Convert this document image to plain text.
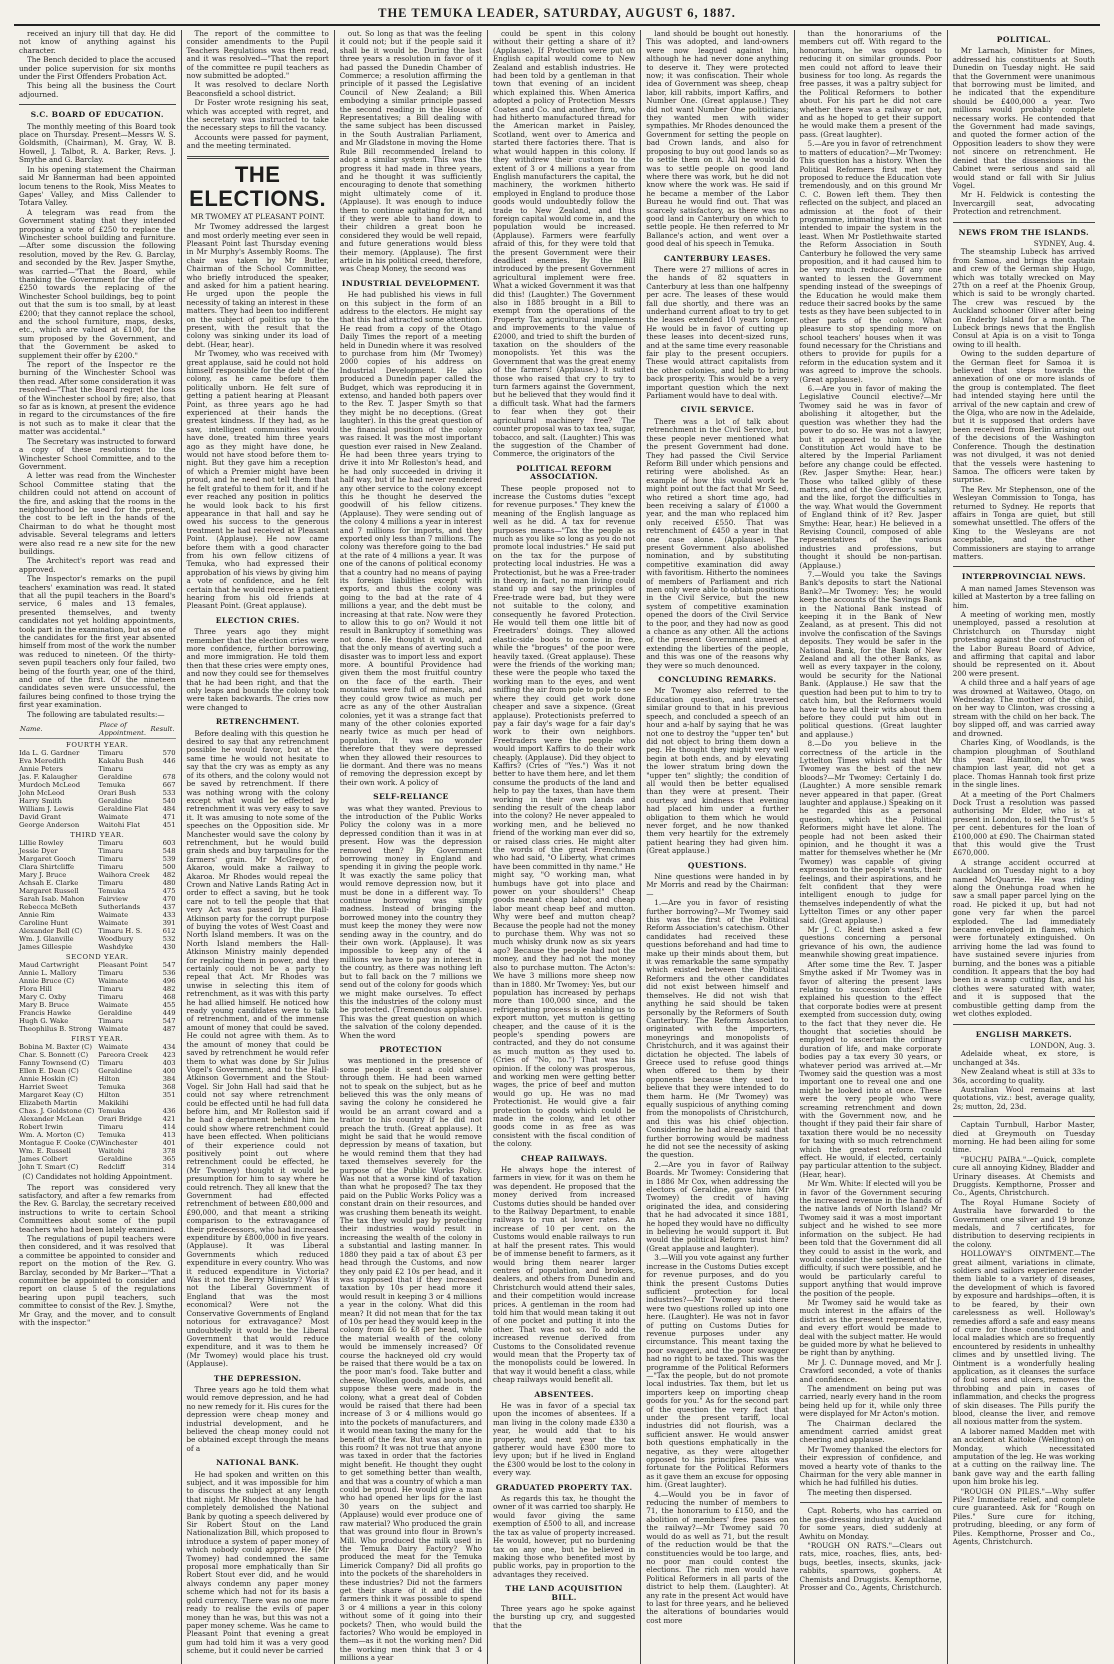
THE TEMUKA LEADER, SATURDAY, AUGUST 6, 1887.

received an injury till that day. He did not know of anything against his character.

The Bench decided to place the accused under police supervision for six months under the First Offenders Probation Act.

This being all the business the Court adjourned.

S.C. BOARD OF EDUCATION.

The monthly meeting of this Board took place on Thursday. Present—Messrs W. S. Goldsmith, (Chairman), M. Gray, W. B. Howell, J. Talbot, R. A. Barker, Revs. J. Smythe and G. Barclay.

In his opening statement the Chairman said Mr Bannerman had been appointed locum tenens to the Rook, Miss Meates to Gapes' Valley, and Miss Callender to Totara Valley.

A telegram was read from the Government stating that they intended proposing a vote of £250 to replace the Winchester school building and furniture.—After some discussion the following resolution, moved by the Rev. G. Barclay, and seconded by the Rev. Jasper Smythe, was carried—"That the Board, while thanking the Government for the offer of £250 towards the replacing of the Winchester School buildings, beg to point out that the sum is too small, by at least £200; that they cannot replace the school, and the school furniture, maps, desks, etc., which are valued at £100, for the sum proposed by the Government, and that the Government be asked to supplement their offer by £200."

The report of the Inspector re the burning of the Winchester School was then read. After some consideration it was resolved—"That the Board regret the loss of the Winchester school by fire; also, that so far as is known, at present the evidence in regard to the circumstances of the fire is not such as to make it clear that the matter was accidental."

The Secretary was instructed to forward a copy of these resolutions to the Winchester School Committee, and to the Government.

A letter was read from the Winchester School Committee stating that the children could not attend on account of the fire, and asking that the rooms in the neighbourhood be used for the present, the cost to be left in the hands of the Chairman to do what he thought most advisable. Several telegrams and letters were also read re a new site for the new buildings.

The Architect's report was read and approved.

The Inspector's remarks on the pupil teachers' examination was read. It stated that all the pupil teachers in the Board's service, 6 males and 13 females, presented themselves, and twenty candidates not yet holding appointments, took part in the examination, but as one of the candidates for the first year absented himself from most of the work the number was reduced to nineteen. Of the thirty-seven pupil teachers only four failed, two being of the fourth year, one of the third, and one of the first. Of the nineteen candidates seven were unsuccessful, the failures being confined to those trying the first year examination.

The following are tabulated results:—

Name.	Place of Appointment.	Result.
FOURTH YEAR.		
Ida L. G. Gardner	Timaru	570
Eva Meredith	Kakahu Bush	446
Annie Peters	Timaru	
Jas. F. Kalaugher	Geraldine	678
Murdoch McLeod	Temuka	667
John McLeod	Orari Bush	533
Harry Smith	Geraldine	540
William J. Lewis	Geraldine Flat	484
David Grant	Waimate	471
George Anderson	Waitohi Flat	451
THIRD YEAR.		
Lillie Rowley	Timaru	603
Jessie Dyer	Timaru	548
Margaret Gooch	Timaru	539
Clara Shirtcliffe	Timaru	500
Mary J. Bruce	Waihora Creek	482
Achsah E. Clarke	Timaru	480
Margaret Russell	Temuka	475
Sarah Isab. Mahon	Fairview	470
Rebecca McBeth	Sutherlands	437
Annie Rim	Waimate	433
Caroline Hunt	Waimate	391
Alexander Bell (C)	Timaru H. S.	612
Wm. J. Glanville	Woodbury	532
James Gillespie	Washdyke	430
SECOND YEAR.		
Maud Cartwright	Pleasant Point	547
Annie L. Mallory	Timaru	536
Annie Bruce (C)	Waimate	496
Flora Hill	Timaru	482
Mary C. Oxby	Timaru	468
Mary B. Bruce	Waimate	455
Francis Hawke	Geraldine	449
Hugh G. Wake	Timaru	547
Theophilus B. Strong	Waimate	487
FIRST YEAR.		
Bobina M. Baxter (C)	Waimate	434
Char. S. Bonnett (C)	Pareora Creek	423
Fanny Townsend (C)	Timaru	403
Ellen E. Dean (C)	Geraldine	400
Annie Hoskin (C)	Hilton	384
Harriet Sweet	Temuka	368
Margaret Keay (C)	Hilton	351
Elizabeth Martin	Makikihi	
Chas. J. Goldstone (C)	Temuka	436
Alexander McLean	Orari Bridge	421
Robert Irwin	Timaru	414
Wm. A. Morton (C)	Temuka	413
Montague F. Cooke (C)	Winchester	401
Wm. E. Russell	Waitohi	378
James Colbert	Geraldine	365
John T. Smart (C)	Redcliff	314
(C) Candidates not holding Appointment.

The report was considered very satisfactory, and after a few remarks from the Rev. G. Barclay, the secretary received instructions to write to certain School Committees about some of the pupil teachers who had been lately examined.

The regulations of pupil teachers were then considered, and it was resolved that a committee be appointed to consider and report on the motion of the Rev. G. Barclay, seconded by Mr Barker—"That a committee be appointed to consider and report on clause 5 of the regulations bearing upon pupil teachers, such committee to consist of the Rev. J. Smythe, Mr Gray, and the mover, and to consult with the inspector."

The report of the committee to consider amendments to the Pupil Teachers Regulations was then read, and it was resolved—"That the report of the committee re pupil teachers as now submitted be adopted."

It was resolved to declare North Beaconsfield a school district.

Dr Foster wrote resigning his seat, which was accepted with regret, and the secretary was instructed to take the necessary steps to fill the vacancy.

Accounts were passed for payment, and the meeting terminated.

THE ELECTIONS.
MR TWOMEY AT PLEASANT POINT.

Mr Twomey addressed the largest and most orderly meeting ever seen in Pleasant Point last Thursday evening in Mr Murphy's Assembly Rooms. The chair was taken by Mr Butler, Chairman of the School Committee, who briefly introduced the speaker, and asked for him a patient hearing. He urged upon the people the necessity of taking an interest in these matters. They had been too indifferent on the subject of politics up to the present, with the result that the colony was sinking under its load of debt. (Hear, hear).

Mr Twomey, who was received with great applause, said he could not hold himself responsible for the debt of the colony, as he came before them politically unborn. He felt sure of getting a patient hearing at Pleasant Point, as three years ago he had experienced at their hands the greatest kindness. If they had, as he saw, intelligent communities would have done, treated him three years ago as they might have done, he would not have stood before them to-night. But they gave him a reception of which a Premier might have been proud, and he need not tell them that he felt grateful to them for it, and if he ever reached any position in politics he would look back to his first appearance in that hall and say he owed his success to the generous treatment he had received at Pleasant Point. (Applause). He now came before them with a good character from his own fellow citizens of Temuka, who had expressed their approbation of his views by giving him a vote of confidence, and he felt certain that he would receive a patient hearing from his old friends at Pleasant Point. (Great applause).

ELECTION CRIES.

Three years ago they might remember that the election cries were more confidence, further borrowing, and more immigration. He told them then that these cries were empty ones, and now they could see for themselves that he had been right, and that the only leaps and bounds the colony took were taken backwards. The cries now were changed to

RETRENCHMENT.

Before dealing with this question he desired to say that any retrenchment possible he would favor, but at the same time he would not hesitate to say that the cry was as empty as any of its others, and the colony would not be saved by retrenchment. If there was nothing wrong with the colony except what would be effected by retrenchment it was very easy to save it. It was amusing to note some of the speeches on the Opposition side. Mr Manchester would save the colony by retrenchment, but he would build grain sheds and buy tarpaulins for the farmers' grain. Mr McGregor, of Akaroa, would make a railway to Akaroa. Mr Rhodes would repeal the Crown and Native Lands Rating Act in order to effect a saving, but he took care not to tell the people that that very Act was passed by the Hall-Atkinson party for the corrupt purpose of buying the votes of West Coast and North Island members. It was on the North Island members the Hall-Atkinson Ministry mainly depended for replacing them in power, and they certainly could not be a party to repeal that Act. Mr Rhodes was unwise in selecting this item of retrenchment, as it was with this party he had allied himself. He noticed how ready young candidates were to talk of retrenchment, and of the immense amount of money that could be saved. He could not agree with them. As to the amount of money that could be saved by retrenchment he would refer them to what was done by Sir Julius Vogel's Government, and to the Hall-Atkinson Government and the Stout-Vogel. Sir John Hall had said that he could not say where retrenchment could be effected until he had full data before him, and Mr Rolleston said if he had a department behind him he could show where retrenchment could have been effected. When politicians of their experience could not positively point out where retrenchment could be effected, he (Mr Twomey) thought it would be presumption for him to say where he could retrench. They all knew that the Government had effected retrenchment of between £80,000 and £90,000, and that meant a striking comparison to the extravagance of their predecessors, who had increased expenditure by £800,000 in five years. (Applause). It was Liberal Governments which reduced expenditure in every country. Who was it reduced expenditure in Victoria? Was it not the Berry Ministry? Was it not the Liberal Government of England that was the most economical? Were not the Conservative Governments of England notorious for extravagance? Most undoubtedly it would be the Liberal Government that would reduce expenditure, and it was to them he (Mr Twomey) would place his trust. (Applause).

THE DEPRESSION.

Three years ago he told them what would remove depression, and he had no new remedy for it. His cures for the depression were cheap money and industrial development, and he believed the cheap money could not be obtained except through the means of a

NATIONAL BANK.

He had spoken and written on this subject, and it was impossible for him to discuss the subject at any length that night. Mr Rhodes thought he had completely demolished the National Bank by quoting a speech delivered by Sir Robert Stout on the Land Nationalization Bill, which proposed to introduce a system of paper money of which nobody could approve. He (Mr Twomey) had condemned the same proposal more emphatically than Sir Robert Stout ever did, and he would always condemn any paper money scheme which had not for its basis a gold currency. There was no one more ready to realise the evils of paper money than he was, but this was not a paper money scheme. Was he came to Pleasant Point that evening a great gum had told him it was a very good scheme, but it could never be carried

out. So long as that was the feeling it could not; but if the people said it shall be it would be. During the last three years a resolution in favor of it had passed the Dunedin Chamber of Commerce; a resolution affirming the principle of it passed the Legislative Council of New Zealand; a Bill embodying a similar principle passed the second reading in the House of Representatives; a Bill dealing with the same subject has been discussed in the South Australian Parliament, and Mr Gladstone in moving the Home Rule Bill recommended Ireland to adopt a similar system. This was the progress it had made in three years, and he thought it was sufficiently encouraging to denote that something might ultimately come of it. (Applause). It was enough to induce them to continue agitating for it, and if they were able to hand down to their children a great boon he considered they would be well repaid, and future generations would bless their memory. (Applause). The first article in his political creed, therefore, was Cheap Money, the second was

INDUSTRIAL DEVELOPMENT.

He had published his views in full on this subject in the form of an address to the electors. He might say that this had attracted some attention. He read from a copy of the Otago Daily Times the report of a meeting held in Dunedin where it was resolved to purchase from him (Mr Twomey) 2000 copies of his address on Industrial Development. He also produced a Dunedin paper called the Budget, which was reproducing it in extenso, and handed both papers over to the Rev. T. Jasper Smyth so that they might be no deceptions. (Great laughter). In this the great question of the financial position of the colony was raised. It was the most important question ever raised in New Zealand. He had been three years trying to drive it into Mr Rolleston's head, and he had only succeeded in driving it half way, but if he had never rendered any other service to the colony except this he thought he deserved the goodwill of his fellow citizens. (Applause). They were sending out of the colony 4 millions a year in interest and 7 millions for imports, and they exported only less than 7 millions. The colony was therefore going to the bad at the rate of 4 millions a year. It was one of the canons of political economy that a country had no means of paying its foreign liabilities except with exports, and thus the colony was going to the bad at the rate of 4 millions a year, and the debt must be increasing at that rate. Now were they to allow this to go on? Would it not result in Bankruptcy if something was not done. He thought it would, and that the only means of averting such a disaster was to import less and export more. A bountiful Providence had given them the most fruitful country on the face of the earth. Their mountains were full of minerals, and they could grow twice as much per acre as any of the other Australian colonies, yet it was a strange fact that many of the other colonies exported nearly twice as much per head of population. It was no wonder therefore that they were depressed when they allowed their resources to lie dormant. And there was no means of removing the depression except by their own work. A policy of

SELF-RELIANCE

was what they wanted. Previous to the introduction of the Public Works Policy the colony was in a more depressed condition than it was in at present. How was the depression removed then? By Government borrowing money in England and spending it in giving the people work. It was exactly the same policy that would remove depression now, but it must be done in a different way. To continue borrowing was simply madness. Instead of bringing the borrowed money into the country they must keep the money they were now sending away in the country, and do their own work. (Applause). It was impossible to keep any of the 4 millions we have to pay in interest in the country, as there was nothing left but to fall back on the 7 millions we send out of the colony for goods which we might make ourselves. To effect this the industries of the colony must be protected. (Tremendous applause). This was the great question on which the salvation of the colony depended. When the word

PROTECTION

was mentioned in the presence of some people it sent a cold shiver through them. He had been warned not to speak on the subject, but as he believed this was the only means of saving the colony he considered he would be an arrant coward and a traitor to his country if he did not preach the truth. (Great applause). It might be said that he would remove depression by means of taxation, but he would remind them that they had taxed themselves severely for the purpose of the Public Works Policy. Was not that a worse kind of taxation than what he proposed? The tax they paid on the Public Works Policy was a constant drain on their resources, and was crushing them beneath its weight. The tax they would pay by protecting their industries would result in increasing the wealth of the colony in a substantial and lasting manner. In 1880 they paid a tax of about £3 per head through the Customs, and now they only paid £2 10s per head, and it was supposed that if they increased taxation by 10s per head more it would result in keeping 3 or 4 millions a year in the colony. What did this mean? It did not mean that for the tax of 10s per head they would keep in the colony from £6 to £8 per head, while the material wealth of the colony would be immensely increased? Of course the hackneyed old cry would be raised that there would be a tax on the poor man's food. Take butter and cheese, Woollen goods, and boots, and suppose these were made in the colony, what a great deal of Cobden would be raised that there had been increase of 3 or 4 millions would go into the pockets of manufacturers, and it would mean taxing the many for the benefit of the few. But was any one in this room? It was not true that anyone was taxed in order that the factories might benefit. He thought they ought to get something better than wealth, and that was a country of which a man could be proud. He would give a man who had opened her lips for the last 30 years on the subject and (Applause) would ever produce one of raw material? Who produced the grain that was ground into flour in Brown's Mill. Who produced the milk used in the Temuka Dairy Factory? Who produced the meat for the Temuka Limerick Company? Did all profits go into the pockets of the shareholders in these industries? Did not the farmers get their share of it and did the farmers think it was possible to spend 3 or 4 millions a year in this colony without some of it going into their pockets? Then, who would build the factories? Who would be employed in them—as it not the working men? Did the working men think that 3 or 4 millions a year

could be spent in this colony without their getting a share of it? (Applause). If Protection were put on English capital would come to New Zealand and establish industries. He had been told by a gentleman in that town that evening of an incident which explained this. When America adopted a policy of Protection Messrs Coates and Co. and another firm, who had hitherto manufactured thread for the American market in Paisley, Scotland, went over to America and started there factories there. That is what would happen in this colony. If they withdrew their custom to the extent of 3 or 4 millions a year from English manufacturers the capital, the machinery, the workmen hitherto employed in England to produce those goods would undoubtedly follow the trade to New Zealand, and thus foreign capital would come in, and the population would be increased. (Applause). Farmers were fearfully afraid of this, for they were told that the present Government were their deadliest enemies. By the Bill introduced by the present Government agricultural implement were free. What a wicked Government it was that did this! (Laughter.) The Government also in 1885 brought in a Bill to exempt from the operations of the Property Tax agricultural implements and improvements to the value of £2000, and tried to shift the burden of taxation on the shoulders of the monopolists. Yet this was the Government that was the great enemy of the farmers! (Applause.) It suited those who raised that cry to try to turn farmers against the Government, but he believed that they would find it a difficult task. What had the farmers to fear when they got their agricultural machinery free? The counter proposal was to tax tea, sugar, tobacco, and salt. (Laughter.) This was the suggestion of the Chamber of Commerce, the originators of the

POLITICAL REFORM ASSOCIATION.

These people proposed not to increase the Customs duties "except for revenue purposes." They knew the meaning of the English language as well as he did. A tax for revenue purposes means—"Tax the people as much as you like so long as you do not promote local industries." He said put on the tax for the purpose of protecting local industries. He was a Protectionist, but he was a Free-trader in theory, in fact, no man living could stand up and say the principles of Free-trade were bad, but they were not suitable to the colony, and consequently he favored Protection. He would tell them one little bit of Freetraders' doings. They allowed elastic-side boots to come in free, while the "brogues" of the poor were heavily taxed. (Great applause). These were the friends of the working man; these were the people who taxed the working man to the eyes, and went sniffing the air from pole to pole to see where they could get work done cheaper and save a sixpence. (Great applause). Protectionists preferred to pay a fair day's wage for a fair day's work to their own neighbors. Freetraders were the people who would import Kaffirs to do their work cheaply. (Applause). Did they object to Kaffirs? (Cries of "Yes.") Was it not better to have them here, and let them consume the products of the land and help to pay the taxes, than have them working in their own lands and sending the result of the cheap labor into the colony? He never appealed to working men, and he believed no friend of the working man ever did so, or raised class cries. He might alter the words of the great Frenchman who had said, "O Liberty, what crimes have been committed in thy name." He might say, "O working man, what humbugs have got into place and power on your shoulders!" Cheap goods meant cheap labor, and cheap labor meant cheap beef and mutton. Why were beef and mutton cheap? Because the people had not the money to purchase them. Why was not so much whisky drunk now as six years ago? Because the people had not the money, and they had not the money also to purchase mutton. The Acton's: We have 3 millions more sheep now than in 1880. Mr Twomey: Yes, but our population has increased by perhaps more than 100,000 since, and the refrigerating process is enabling us to export mutton, yet mutton is getting cheaper, and the cause of it is the people's spending powers are contracted, and they do not consume as much mutton as they used to. (Cries of "No, no.") That was his opinion. If the colony was prosperous, and working men were getting better wages, the price of beef and mutton would go up. He was no mad Protectionist. He would give a fair protection to goods which could be made in the colony, and let other goods come in as free as was consistent with the fiscal condition of the colony.

CHEAP RAILWAYS.

He always hope the interest of farmers in view, for it was on them he was dependent. He proposed that the money derived from increased Customs duties should be handed over to the Railway Department, to enable railways to run at lower rates. An increase of 10 per cent. on the Customs would enable railways to run at half the present rates. This would be of immense benefit to farmers, as it would bring them nearer larger centres of population, and brokers, dealers, and others from Dunedin and Christchurch would attend their sales, and their competition would increase prices. A gentleman in the room had told him that would mean taking it out of one pocket and putting it into the other. That was not so. To add the increased revenue derived from Customs to the Consolidated revenue would mean that the Property tax of the monopolists could be lowered. In that way it would benefit a class, while cheap railways would benefit all.

ABSENTEES.

He was in favor of a special tax upon the incomes of absentees. If a man living in the colony made £330 a year, he would add that to his property, and next year the tax gatherer would have £300 more to levy upon; but if he lived in England the £300 would be lost to the colony in every way.

GRADUATED PROPERTY TAX.

As regards this tax, he thought the owner of it was carried too sharply. He would favor giving the same exemption of £500 to all, and increase the tax as value of property increased. He would, however, put no burdening tax on any one, but he believed in making those who benefited most by public works, pay in proportion to the advantages they received.

THE LAND ACQUISITION BILL.

Three years ago he spoke against the bursting up cry, and suggested that the

land should be bought out honestly. This was adopted, and land-owners were now leagued against him, although he had never done anything to deserve it. They were protected now; it was confiscation. Their whole idea of Government was sheep, cheap labor, kill rabbits, import Kaffirs, and Number One. (Great applause.) They did not want Number One politicians; they wanted men with wider sympathies. Mr Rhodes denounced the Government for setting the people on bad Crown lands, and also for proposing to buy out good lands so as to settle them on it. All he would do was to settle people on good land where there was work, but he did not know where the work was. He said if he became a member of the Labor Bureau he would find out. That was scarcely satisfactory, as there was no good land in Canterbury on which to settle people. He then referred to Mr Ballance's action, and went over a good deal of his speech in Temuka.

CANTERBURY LEASES.

There were 27 millions of acres in the hands of 82 squatters in Canterbury at less than one halfpenny per acre. The leases of these would fall due shortly, and there was an underhand current afloat to try to get the leases extended 10 years longer. He would be in favor of cutting up these leases into decent-sized runs, and at the same time every reasonable fair play to the present occupiers. These would attract capitalists from the other colonies, and help to bring back prosperity. This would be a very important question which the next Parliament would have to deal with.

CIVIL SERVICE.

There was a lot of talk about retrenchment in the Civil Service, but these people never mentioned what the present Government had done. They had passed the Civil Service Reform Bill under which pensions and retiring were abolished. As an example of how this would work he might point out the fact that Mr Seed, who retired a short time ago, had been receiving a salary of £1000 a year, and the man who replaced him only received £550. That was retrenchment of £450 a year in that one case alone. (Applause). The present Government also abolished nomination, and by substituting competitive examination did away with favoritism. Hitherto the nominees of members of Parliament and rich men only were able to obtain positions in the Civil Service, but the new system of competitive examination opened the doors of the Civil Service to the poor, and they had now as good a chance as any other. All the actions of the present Government aimed at extending the liberties of the people, and this was one of the reasons why they were so much denounced.

CONCLUDING REMARKS.

Mr Twomey also referred to the Education question, and traversed similar ground to that in his previous speech, and concluded a speech of an hour and a-half by saying that he was not one to destroy the "upper ten" but did not object to bring them down a peg. He thought they might very well begin at both ends, and by elevating the lower stratum bring down the "upper ten" slightly; the condition of all would then be better equalised than they were at present. Their courtesy and kindness that evening had placed him under a further obligation to them which he would never forget, and he now thanked them very heartily for the extremely patient hearing they had given him. (Great applause.)

QUESTIONS.

Nine questions were handed in by Mr Morris and read by the Chairman:—

1.—Are you in favor of resisting further borrowing?—Mr Twomey said this was the first of the Political Reform Association's catechism. Other candidates had received these questions beforehand and had time to make up their minds about them, but it was remarkable the same sympathy which existed between the Political Reformers and the other candidates did not exist between himself and themselves. He did not wish that anything he said should be taken personally by the Reformers of South Canterbury. The Reform Association originated with the importers, moneyrings and monopolists of Christchurch, and it was against their dictation he objected. The labels of Greece used to refuse good things when offered to them by their opponents because they used to believe that they were intended to do them harm. He (Mr Twomey) was equally suspicious of anything coming from the monopolists of Christchurch, and this was his chief objection. Considering he had already said that further borrowing would be madness he did not see the necessity of asking the question.

2.—Are you in favor of Railway Boards. Mr Twomey: Considering that in 1886 Mr Cox, when addressing the electors of Geraldine, gave him (Mr Twomey) the credit of having originated the idea, and considering that he had advocated it since 1881, he hoped they would have no difficulty in believing he would support it. But would the political Reform trust him? (Great applause and laughter).

3.—Will you vote against any further increase in the Customs Duties except for revenue purposes, and do you think the present Customs Duties sufficient protection for local industries?—Mr Twomey said there were two questions rolled up into one here. (Laughter). He was not in favor of putting on Customs Duties for revenue purposes under any circumstance. This meant taxing the poor swaggeri, and the poor swagger had no right to be taxed. This was the programme of the Political Reformers—"Tax the people, but do not promote local industries. Tax them, but let us importers keep on importing cheap goods for you." As for the second part of the question the very fact that under the present tariff, local industries did not flourish, was a sufficient answer. He would answer both questions emphatically in the negative, as they were altogether opposed to his principles. This was fortunate for the Political Reformers as it gave them an excuse for opposing him. (Great laughter).

4.—Would you be in favor of reducing the number of members to 71, the honorarium to £150, and the abolition of members' free passes on the railway?—Mr Twomey said 70 would do as well as 71, but the result of the reduction would be that the constituencies would be too large, and no poor man could contest the elections. The rich men would have Political Reformers in all parts of the district to help them. (Laughter). At any rate in the present Act would have to last for three years, and he believed the alterations of boundaries would cost more

than the honorariums of the members cut off. With regard to the honorarium, he was opposed to reducing it on similar grounds. Poor men could not afford to leave their business for too long. As regards the free passes, it was a paltry subject for the Political Reformers to bother about. For his part he did not care whether there was a railway or not, and as he hoped to get their support he would make them a present of the pass. (Great laughter).

5.—Are you in favor of retrenchment to matters of education?—Mr Twomey: This question has a history. When the Political Reformers first met they proposed to reduce the Education vote tremendously, and on this ground Mr C. C. Bowen left them. They then reflected on the subject, and placed an admission at the foot of their programme, intimating that it was not intended to impair the system in the least. When Mr Postlethwaite started the Reform Association in South Canterbury he followed the very same proposition, and it had caused him to be very much reduced. If any one wanted to lessen the Government spending instead of the sweepings of the Education he would make them reduce their sacred books by the same tests as they have been subjected to in other parts of the colony. What pleasure to stop spending more on school teachers' houses when it was found necessary for the Christians and others to provide for pupils for a reform in the education system and it was agreed to improve the schools. (Great applause).

6.—Are you in favor of making the Legislative Council elective?—Mr Twomey said he was in favor of abolishing it altogether, but the question was whether they had the power to do so. He was not a lawyer, but it appeared to him that the Constitution Act would have to be altered by the Imperial Parliament before any change could be effected. (Rev. Jasper Smythe: Hear, hear.) Those who talked glibly of these matters, and of the Governor's salary, and the like, forgot the difficulties in the way. What would the Government of England think of it? Rev. Jasper Smythe: Hear, hear.) He believed in a Revising Council, composed of able representatives of the various industries and professions, but thought it should be non-partisan. (Applause.)

7.—Would you take the Savings Bank's deposits to start the National Bank?—Mr Twomey: Yes; he would keep the accounts of the Savings Bank in the National Bank instead of keeping it in the Bank of New Zealand, as at present. This did not involve the confiscation of the Savings deposits. They would be safer in the National Bank, for the Bank of New Zealand and all the other Banks, as well as every taxpayer in the colony, would be security for the National Bank. (Applause.) He saw that the question had been put to him to try to catch him, but the Reformers would have to have all their wits about them before they could put him out in political questions. (Great laughter and applause.)

8.—Do you believe in the correctness of the article in the Lyttelton Times which said that Mr Twomey was the best of the new bloods?—Mr Twomey: Certainly I do. (Laughter.) A more sensible remark never appeared in that paper. (Great laughter and applause.) Speaking on it he regarded this as a personal question, which the Political Reformers might have let alone. The people had not been asked their opinion, and he thought it was a matter for themselves whether he (Mr Twomey) was capable of giving expression to the people's wants, their feelings, and their aspirations, and he felt confident that they were intelligent enough to judge for themselves independently of what the Lyttelton Times or any other paper said. (Great applause.)

Mr J. C. Reid then asked a few questions concerning a personal grievance of his own, the audience meanwhile showing great impatience.

After some time the Rev. T. Jasper Smythe asked if Mr Twomey was in favor of altering the present laws relating to succession duties? He explained his question to the effect that corporate bodies were at present exempted from succession duty, owing to the fact that they never die. He thought that societies should be employed to ascertain the ordinary duration of life, and make corporate bodies pay a tax every 30 years, or whatever period was arrived at.—Mr Twomey said the question was a most important one to reveal one and one might be looked into at once. These were the very people who were screaming retrenchment and down with the Government now, and he thought if they paid their fair share of taxation there would be no necessity for taxing with so much retrenchment which the greatest reform could effect. He would, if elected, certainly pay particular attention to the subject. (Hear, hear).

Mr Wm. White: If elected will you be in favor of the Government securing the increased revenue in the hands of the native lands of North Island? Mr Twomey said it was a most important subject and he wished to see more information on the subject. He had been told that the Government did all they could to assist in the work, and would consider the settlement of the difficulty, if such were possible, and he would be particularly careful to support anything that would improve the position of the people.

Mr Twomey said he would take as much interest in the affairs of the district as the present representative, and every effort would be made to deal with the subject matter. He would be guided more by what he believed to be right than by anything.

Mr J. C. Dunnage moved, and Mr J. Crawford seconded, a vote of thanks and confidence.

The amendment on being put was carried, nearly every hand in the room being held up for it, while only three were displayed for Mr Acton's motion.

The Chairman declared the amendment carried amidst great cheering and applause.

Mr Twomey thanked the electors for their expression of confidence, and moved a hearty vote of thanks to the Chairman for the very able manner in which he had fulfilled his duties.

The meeting then dispersed.

Capt. Roberts, who has carried on the gas-dressing industry at Auckland for some years, died suddenly at Awhitu on Monday.

"ROUGH ON RATS."—Clears out rats, mice, roaches, flies, ants, bed-bugs, beetles, insects, skunks, jack-rabbits, sparrows, gophers. At Chemists and Druggists. Kempthorne, Prosser and Co., Agents, Christchurch.

POLITICAL.

Mr Larnach, Minister for Mines, addressed his constituents at South Dunedin on Tuesday night. He said that the Government were unanimous that borrowing must be limited, and he indicated that the expenditure should be £400,000 a year. Two millions would probably complete necessary works. He contended that the Government had made savings, and quoted the former action of the Opposition leaders to show they were not sincere on retrenchment. He denied that the dissensions in the Cabinet were serious and said all would stand or fall with Sir Julius Vogel.

Mr H. Feldwick is contesting the Invercargill seat, advocating Protection and retrenchment.

NEWS FROM THE ISLANDS.
SYDNEY, Aug. 4.

The steamship Lubeck has arrived from Samoa, and brings the captain and crew of the German ship Hugo, which was totally wrecked on May 27th on a reef at the Phoenix Group, which is said to be wrongly charted. The crew was rescued by the Auckland schooner Oliver after being on Enderby Island for a month. The Lubeck brings news that the English Consul at Apia is on a visit to Tonga owing to ill health.

Owing to the sudden departure of the German fleet for Samoa it is believed that steps towards the annexation of one or more islands of the group is contemplated. The fleet had intended staying here until the arrival of the new captain and crew of the Olga, who are now in the Adelaide, but it is supposed that orders have been received from Berlin arising out of the decisions of the Washington Conference. Though the destination was not divulged, it was not denied that the vessels were hastening to Samoa. The officers were taken by surprise.

The Rev. Mr Stephenson, one of the Wesleyan Commission to Tonga, has returned to Sydney. He reports that affairs in Tonga are quiet, but still somewhat unsettled. The offers of the King to the Wesleyans are not acceptable, and the other Commissioners are staying to arrange matters.

INTERPROVINCIAL NEWS.

A man named James Stevenson was killed at Masterton by a tree falling on him.

A meeting of working men, mostly unemployed, passed a resolution at Christchurch on Thursday night protesting against the construction of the Labor Bureau Board of Advice, and affirming that capital and labor should be represented on it. About 200 were present.

A child three and a half years of age was drowned at Waitaweo, Otago, on Wednesday. The mother of the child, on her way to Clinton, was crossing a stream with the child on her back. The boy slipped off, and was carried away and drowned.

Charles King, of Woodlands, is the champion ploughman of Southland this year. Hamilton, who was champion last year, did not get a place. Thomas Hannah took first prize in the single lines.

At a meeting of the Port Chalmers Dock Trust a resolution was passed authorising Mr Elder, who is at present in London, to sell the Trust's 5 per cent. debentures for the loan of £100,000 at £90. The Chairman stated that this would give the Trust £670,000.

A strange accident occurred at Auckland on Tuesday night to a boy named McQuarrie. He was riding along the Onehunga road when he saw a small paper parcel lying on the road. He picked it up, but had not gone very far when the parcel exploded. The lad immediately became enveloped in flames, which were fortunately extinguished. On arriving home the lad was found to have sustained severe injuries from burning, and the bones was a pitiable condition. It appears that the boy had been in a swamp cutting flax, and his clothes were saturated with water, and it is supposed that the combustible getting damp from the wet clothes exploded.

ENGLISH MARKETS.
LONDON, Aug. 3.

Adelaide wheat, ex store, is unchanged at 34s.

New Zealand wheat is still at 33s to 36s, according to quality.

Australian Wool remains at last quotations, viz.: best, average quality, 2s; mutton, 2d, 23d.

Captain Turnbull, Harbor Master, died at Greymouth on Tuesday morning. He had been ailing for some time.

"BUCHU PAIBA."—Quick, complete cure all annoying Kidney, Bladder and Urinary diseases. At Chemists and Druggists. Kempthorne, Prosser and Co., Agents, Christchurch.

The Royal Humane Society of Australia have forwarded to the Government one silver and 19 bronze medals, and 7 certificates, for distribution to deserving recipients in the colony.

HOLLOWAY'S OINTMENT.—The great ailment, variations in climate, soldiers and sailors experience render them liable to a variety of diseases, the development of which is favored by exposure and hardships—often, it is to be feared, by their own carelessness as well. Holloway's remedies afford a safe and easy means of cure for those constitutional and local maladies which are so frequently encountered by residents in unhealthy climes and by unsettled living. The Ointment is a wonderfully healing application, as it cleanses the surface of foul sores and ulcers, removes the throbbing and pain in cases of inflammation, and checks the progress of skin diseases. The Pills purify the blood, cleanse the liver, and remove all noxious matter from the system.

A laborer named Madden met with an accident at Kaitoke (Wellington) on Monday, which necessitated amputation of the leg. He was working at a cutting on the railway line. The bank gave way and the earth falling upon him broke his leg.

"ROUGH ON PILES."—Why suffer Piles? Immediate relief, and complete cure guaranteed. Ask for "Rough on Piles." Sure cure for itching, protruding, bleeding, or any form of Piles. Kempthorne, Prosser and Co., Agents, Christchurch.
